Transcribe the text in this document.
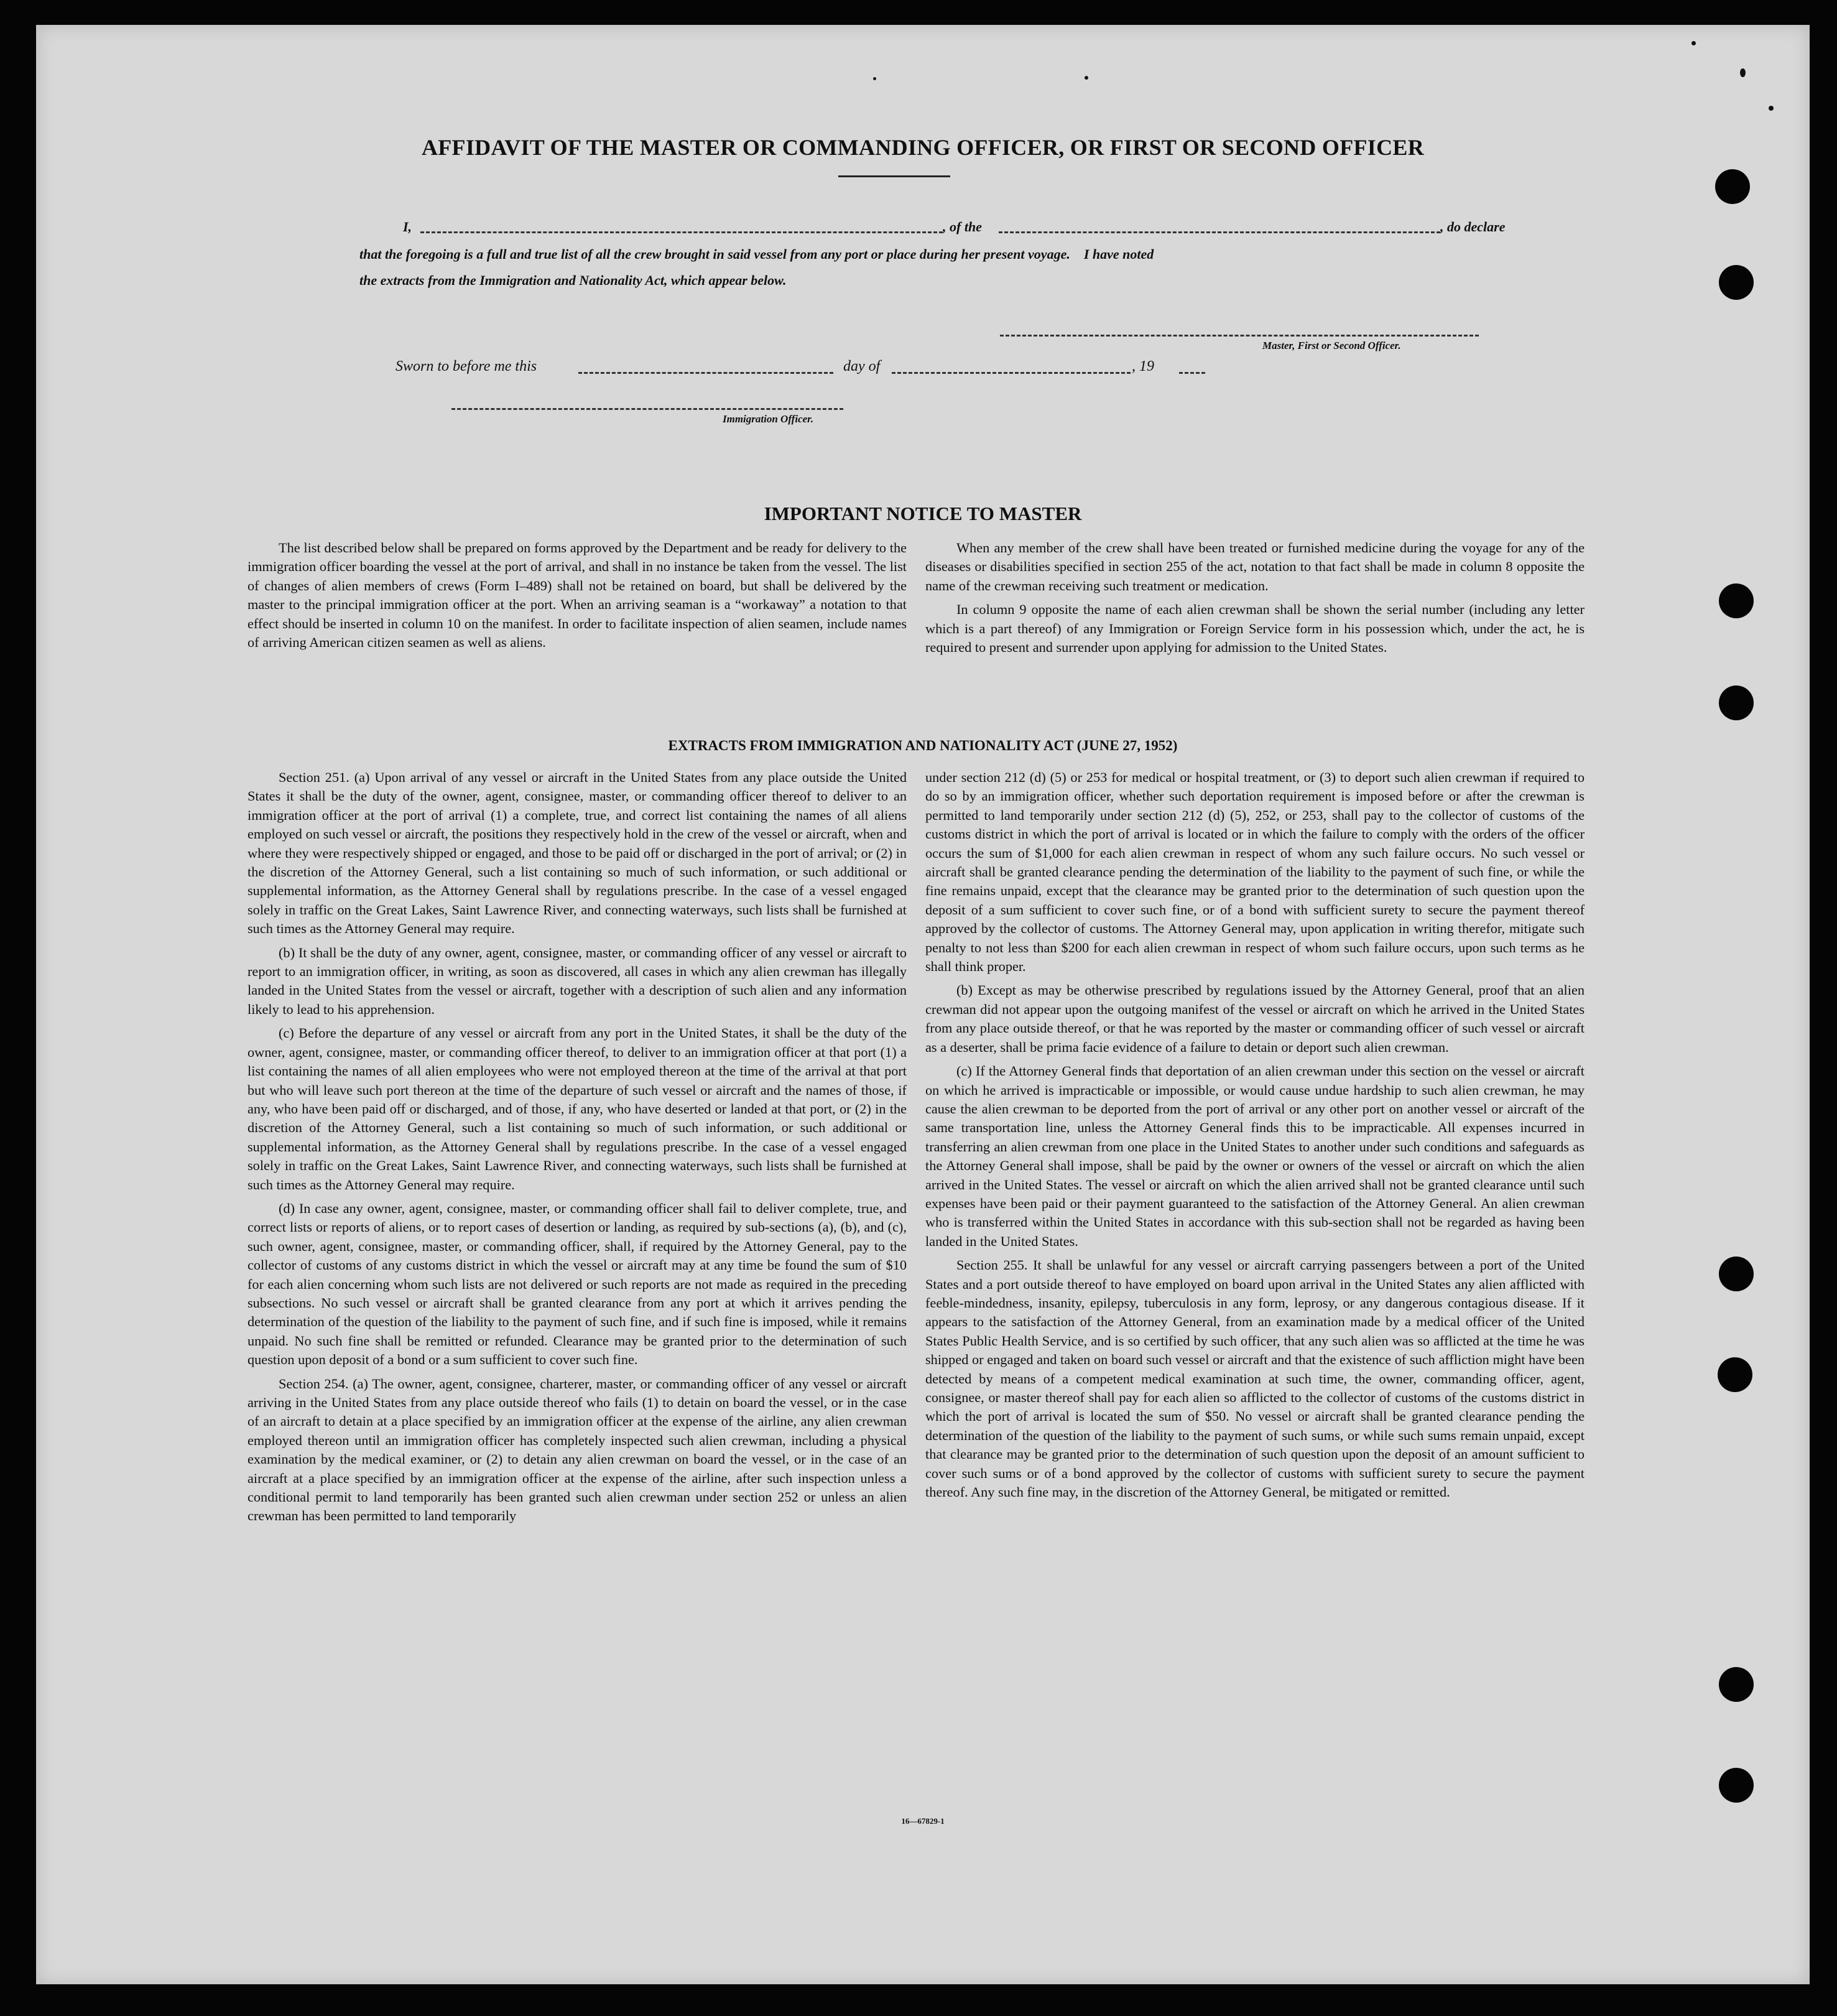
AFFIDAVIT OF THE MASTER OR COMMANDING OFFICER, OR FIRST OR SECOND OFFICER
I,	, of the	, do declare
that the foregoing is a full and true list of all the crew brought in said vessel from any port or place during her present voyage.    I have noted
the extracts from the Immigration and Nationality Act, which appear below.
Master, First or Second Officer.
Sworn to before me this	day of	, 19
Immigration Officer.
IMPORTANT NOTICE TO MASTER

The list described below shall be prepared on forms approved by the Department and be ready for delivery to the immigration officer boarding the vessel at the port of arrival, and shall in no instance be taken from the vessel. The list of changes of alien members of crews (Form I–489) shall not be retained on board, but shall be delivered by the master to the principal immigration officer at the port. When an arriving seaman is a “workaway” a notation to that effect should be inserted in column 10 on the manifest. In order to facilitate inspection of alien seamen, include names of arriving American citizen seamen as well as aliens.

When any member of the crew shall have been treated or furnished medicine during the voyage for any of the diseases or disabilities specified in section 255 of the act, notation to that fact shall be made in column 8 opposite the name of the crewman receiving such treatment or medication.

In column 9 opposite the name of each alien crewman shall be shown the serial number (including any letter which is a part thereof) of any Immigration or Foreign Service form in his possession which, under the act, he is required to present and surrender upon applying for admission to the United States.

EXTRACTS FROM IMMIGRATION AND NATIONALITY ACT (JUNE 27, 1952)

Section 251. (a) Upon arrival of any vessel or aircraft in the United States from any place outside the United States it shall be the duty of the owner, agent, consignee, master, or commanding officer thereof to deliver to an immigration officer at the port of arrival (1) a complete, true, and correct list containing the names of all aliens employed on such vessel or aircraft, the positions they respectively hold in the crew of the vessel or aircraft, when and where they were respectively shipped or engaged, and those to be paid off or discharged in the port of arrival; or (2) in the discretion of the Attorney General, such a list containing so much of such information, or such additional or supplemental information, as the Attorney General shall by regulations prescribe. In the case of a vessel engaged solely in traffic on the Great Lakes, Saint Lawrence River, and connecting waterways, such lists shall be furnished at such times as the Attorney General may require.

(b) It shall be the duty of any owner, agent, consignee, master, or commanding officer of any vessel or aircraft to report to an immigration officer, in writing, as soon as discovered, all cases in which any alien crewman has illegally landed in the United States from the vessel or aircraft, together with a description of such alien and any information likely to lead to his apprehension.

(c) Before the departure of any vessel or aircraft from any port in the United States, it shall be the duty of the owner, agent, consignee, master, or commanding officer thereof, to deliver to an immigration officer at that port (1) a list containing the names of all alien employees who were not employed thereon at the time of the arrival at that port but who will leave such port thereon at the time of the departure of such vessel or aircraft and the names of those, if any, who have been paid off or discharged, and of those, if any, who have deserted or landed at that port, or (2) in the discretion of the Attorney General, such a list containing so much of such information, or such additional or supplemental information, as the Attorney General shall by regulations prescribe. In the case of a vessel engaged solely in traffic on the Great Lakes, Saint Lawrence River, and connecting waterways, such lists shall be furnished at such times as the Attorney General may require.

(d) In case any owner, agent, consignee, master, or commanding officer shall fail to deliver complete, true, and correct lists or reports of aliens, or to report cases of desertion or landing, as required by sub-sections (a), (b), and (c), such owner, agent, consignee, master, or commanding officer, shall, if required by the Attorney General, pay to the collector of customs of any customs district in which the vessel or aircraft may at any time be found the sum of $10 for each alien concerning whom such lists are not delivered or such reports are not made as required in the preceding subsections. No such vessel or aircraft shall be granted clearance from any port at which it arrives pending the determination of the question of the liability to the payment of such fine, and if such fine is imposed, while it remains unpaid. No such fine shall be remitted or refunded. Clearance may be granted prior to the determination of such question upon deposit of a bond or a sum sufficient to cover such fine.

Section 254. (a) The owner, agent, consignee, charterer, master, or commanding officer of any vessel or aircraft arriving in the United States from any place outside thereof who fails (1) to detain on board the vessel, or in the case of an aircraft to detain at a place specified by an immigration officer at the expense of the airline, any alien crewman employed thereon until an immigration officer has completely inspected such alien crewman, including a physical examination by the medical examiner, or (2) to detain any alien crewman on board the vessel, or in the case of an aircraft at a place specified by an immigration officer at the expense of the airline, after such inspection unless a conditional permit to land temporarily has been granted such alien crewman under section 252 or unless an alien crewman has been permitted to land temporarily

under section 212 (d) (5) or 253 for medical or hospital treatment, or (3) to deport such alien crewman if required to do so by an immigration officer, whether such deportation requirement is imposed before or after the crewman is permitted to land temporarily under section 212 (d) (5), 252, or 253, shall pay to the collector of customs of the customs district in which the port of arrival is located or in which the failure to comply with the orders of the officer occurs the sum of $1,000 for each alien crewman in respect of whom any such failure occurs. No such vessel or aircraft shall be granted clearance pending the determination of the liability to the payment of such fine, or while the fine remains unpaid, except that the clearance may be granted prior to the determination of such question upon the deposit of a sum sufficient to cover such fine, or of a bond with sufficient surety to secure the payment thereof approved by the collector of customs. The Attorney General may, upon application in writing therefor, mitigate such penalty to not less than $200 for each alien crewman in respect of whom such failure occurs, upon such terms as he shall think proper.

(b) Except as may be otherwise prescribed by regulations issued by the Attorney General, proof that an alien crewman did not appear upon the outgoing manifest of the vessel or aircraft on which he arrived in the United States from any place outside thereof, or that he was reported by the master or commanding officer of such vessel or aircraft as a deserter, shall be prima facie evidence of a failure to detain or deport such alien crewman.

(c) If the Attorney General finds that deportation of an alien crewman under this section on the vessel or aircraft on which he arrived is impracticable or impossible, or would cause undue hardship to such alien crewman, he may cause the alien crewman to be deported from the port of arrival or any other port on another vessel or aircraft of the same transportation line, unless the Attorney General finds this to be impracticable. All expenses incurred in transferring an alien crewman from one place in the United States to another under such conditions and safeguards as the Attorney General shall impose, shall be paid by the owner or owners of the vessel or aircraft on which the alien arrived in the United States. The vessel or aircraft on which the alien arrived shall not be granted clearance until such expenses have been paid or their payment guaranteed to the satisfaction of the Attorney General. An alien crewman who is transferred within the United States in accordance with this sub-section shall not be regarded as having been landed in the United States.

Section 255. It shall be unlawful for any vessel or aircraft carrying passengers between a port of the United States and a port outside thereof to have employed on board upon arrival in the United States any alien afflicted with feeble-mindedness, insanity, epilepsy, tuberculosis in any form, leprosy, or any dangerous contagious disease. If it appears to the satisfaction of the Attorney General, from an examination made by a medical officer of the United States Public Health Service, and is so certified by such officer, that any such alien was so afflicted at the time he was shipped or engaged and taken on board such vessel or aircraft and that the existence of such affliction might have been detected by means of a competent medical examination at such time, the owner, commanding officer, agent, consignee, or master thereof shall pay for each alien so afflicted to the collector of customs of the customs district in which the port of arrival is located the sum of $50. No vessel or aircraft shall be granted clearance pending the determination of the question of the liability to the payment of such sums, or while such sums remain unpaid, except that clearance may be granted prior to the determination of such question upon the deposit of an amount sufficient to cover such sums or of a bond approved by the collector of customs with sufficient surety to secure the payment thereof. Any such fine may, in the discretion of the Attorney General, be mitigated or remitted.

16—67829-1
